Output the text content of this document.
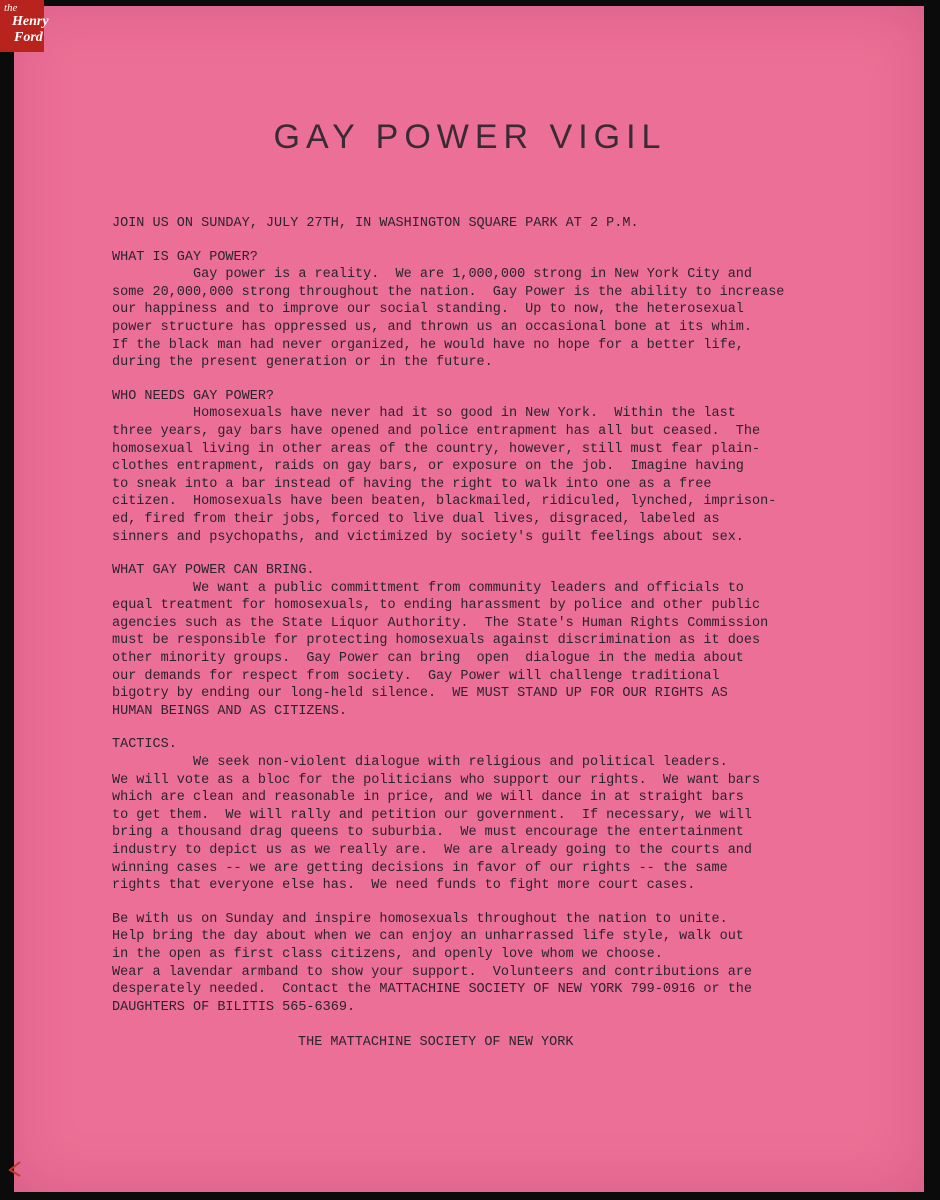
the
Henry
Ford
GAY POWER VIGIL

JOIN US ON SUNDAY, JULY 27TH, IN WASHINGTON SQUARE PARK AT 2 P.M.

WHAT IS GAY POWER?

Gay power is a reality.  We are 1,000,000 strong in New York City and
some 20,000,000 strong throughout the nation.  Gay Power is the ability to increase
our happiness and to improve our social standing.  Up to now, the heterosexual
power structure has oppressed us, and thrown us an occasional bone at its whim.
If the black man had never organized, he would have no hope for a better life,
during the present generation or in the future.

WHO NEEDS GAY POWER?

Homosexuals have never had it so good in New York.  Within the last
three years, gay bars have opened and police entrapment has all but ceased.  The
homosexual living in other areas of the country, however, still must fear plain-
clothes entrapment, raids on gay bars, or exposure on the job.  Imagine having
to sneak into a bar instead of having the right to walk into one as a free
citizen.  Homosexuals have been beaten, blackmailed, ridiculed, lynched, imprison-
ed, fired from their jobs, forced to live dual lives, disgraced, labeled as
sinners and psychopaths, and victimized by society's guilt feelings about sex.

WHAT GAY POWER CAN BRING.

We want a public committment from community leaders and officials to
equal treatment for homosexuals, to ending harassment by police and other public
agencies such as the State Liquor Authority.  The State's Human Rights Commission
must be responsible for protecting homosexuals against discrimination as it does
other minority groups.  Gay Power can bring  open  dialogue in the media about
our demands for respect from society.  Gay Power will challenge traditional
bigotry by ending our long-held silence.  WE MUST STAND UP FOR OUR RIGHTS AS
HUMAN BEINGS AND AS CITIZENS.

TACTICS.

We seek non-violent dialogue with religious and political leaders.
We will vote as a bloc for the politicians who support our rights.  We want bars
which are clean and reasonable in price, and we will dance in at straight bars
to get them.  We will rally and petition our government.  If necessary, we will
bring a thousand drag queens to suburbia.  We must encourage the entertainment
industry to depict us as we really are.  We are already going to the courts and
winning cases -- we are getting decisions in favor of our rights -- the same
rights that everyone else has.  We need funds to fight more court cases.

Be with us on Sunday and inspire homosexuals throughout the nation to unite.
Help bring the day about when we can enjoy an unharrassed life style, walk out
in the open as first class citizens, and openly love whom we choose.
Wear a lavendar armband to show your support.  Volunteers and contributions are
desperately needed.  Contact the MATTACHINE SOCIETY OF NEW YORK 799-0916 or the
DAUGHTERS OF BILITIS 565-6369.

THE MATTACHINE SOCIETY OF NEW YORK
